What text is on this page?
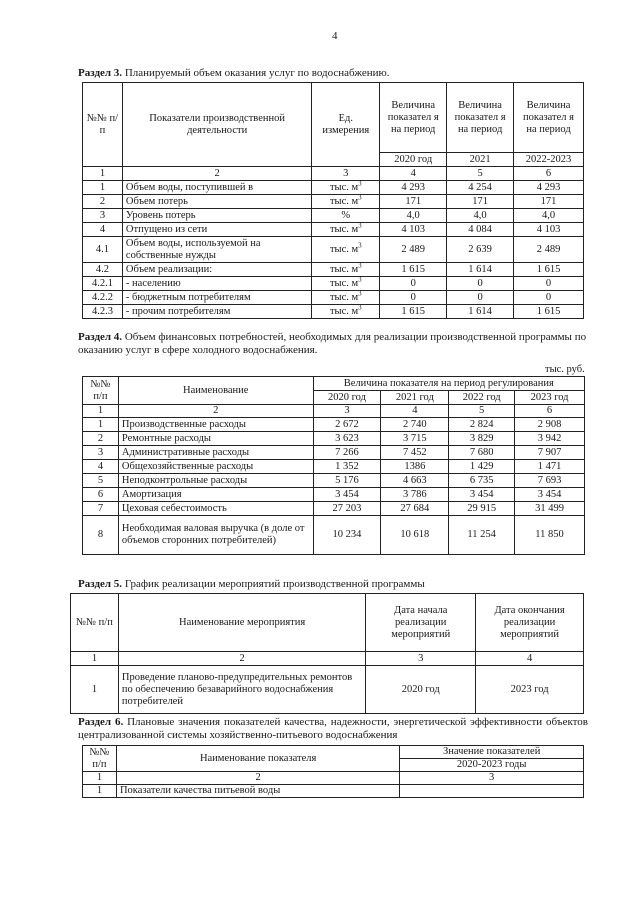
4
Раздел 3. Планируемый объем оказания услуг по водоснабжению.
№№ п/п	Показатели производственной деятельности	Ед. измерения	Величина показател я на период	Величина показател я на период	Величина показател я на период
			2020 год	2021	2022-2023
1	2	3	4	5	6
1	Объем воды, поступившей в	тыс. $м^3$	4 293	4 254	4 293
2	Объем потерь	тыс. $м^3$	171	171	171
3	Уровень потерь	%	4,0	4,0	4,0
4	Отпущено из сети	тыс. $м^3$	4 103	4 084	4 103
4.1	Объем воды, используемой на собственные нужды	тыс. $м^3$	2 489	2 639	2 489
4.2	Объем реализации:	тыс. $м^3$	1 615	1 614	1 615
4.2.1	- населению	тыс. $м^3$	0	0	0
4.2.2	- бюджетным потребителям	тыс. $м^3$	0	0	0
4.2.3	- прочим потребителям	тыс. $м^3$	1 615	1 614	1 615
Раздел 4. Объем финансовых потребностей, необходимых для реализации производственной программы по оказанию услуг в сфере холодного водоснабжения.
тыс. руб.
№№ п/п	Наименование	Величина показателя на период регулирования			
		2020 год	2021 год	2022 год	2023 год
1	2	3	4	5	6
1	Производственные расходы	2 672	2 740	2 824	2 908
2	Ремонтные расходы	3 623	3 715	3 829	3 942
3	Административные расходы	7 266	7 452	7 680	7 907
4	Общехозяйственные расходы	1 352	1386	1 429	1 471
5	Неподконтрольные расходы	5 176	4 663	6 735	7 693
6	Амортизация	3 454	3 786	3 454	3 454
7	Цеховая себестоимость	27 203	27 684	29 915	31 499
8	Необходимая валовая выручка (в доле от объемов сторонних потребителей)	10 234	10 618	11 254	11 850
Раздел 5. График реализации мероприятий производственной программы
№№ п/п	Наименование мероприятия	Дата начала реализации мероприятий	Дата окончания реализации мероприятий
1	2	3	4
1	Проведение планово-предупредительных ремонтов по обеспечению безаварийного водоснабжения потребителей	2020 год	2023 год
Раздел 6. Плановые значения показателей качества, надежности, энергетической эффективности объектов централизованной системы хозяйственно-питьевого водоснабжения
№№ п/п	Наименование показателя	Значение показателей
		2020-2023 годы
1	2	3
1	Показатели качества питьевой воды	
